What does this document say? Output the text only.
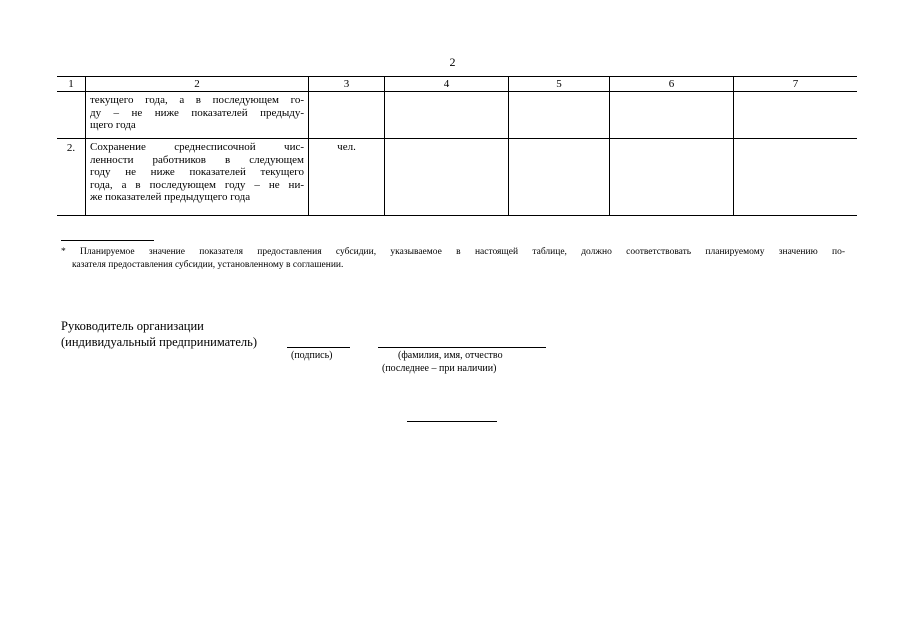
2
1	2	3	4	5	6	7

	текущего года, а в последующем го-
ду – не ниже показателей предыду-
щего года					

2.	Сохранение среднесписочной чис-
ленности работников в следующем
году не ниже показателей текущего
года, а в последующем году – не ни-
же показателей предыдущего года	чел.				
* Планируемое значение показателя предоставления субсидии, указываемое в настоящей таблице, должно соответствовать планируемому значению по-
казателя предоставления субсидии, установленному в соглашении.
Руководитель организации
(индивидуальный предприниматель)
(подпись)	(фамилия, имя, отчество
(последнее – при наличии)
